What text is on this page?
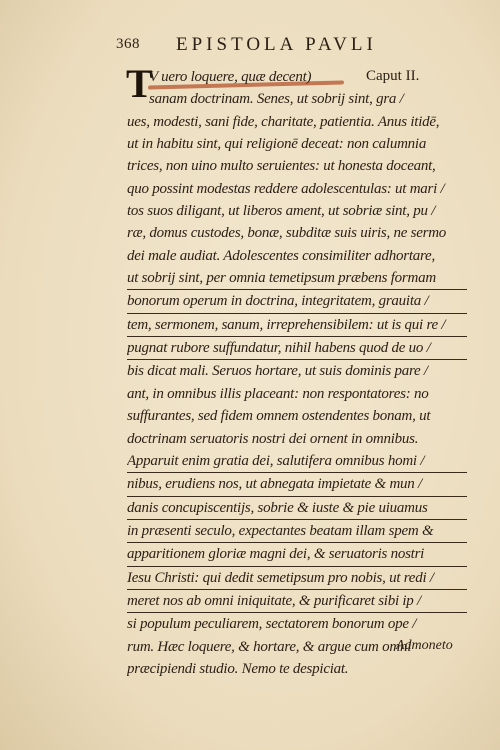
368 EPISTOLA PAVLI
Caput II.
T
V uero loquere, quæ decent)
sanam doctrinam. Senes, ut sobrij sint, gra /
ues, modesti, sani fide, charitate, patientia. Anus itidē,
ut in habitu sint, qui religionē deceat: non calumnia
trices, non uino multo seruientes: ut honesta doceant,
quo possint modestas reddere adolescentulas: ut mari /
tos suos diligant, ut liberos ament, ut sobriæ sint, pu /
ræ, domus custodes, bonæ, subditæ suis uiris, ne sermo
dei male audiat. Adolescentes consimiliter adhortare,
ut sobrij sint, per omnia temetipsum præbens formam
bonorum operum in doctrina, integritatem, grauita /
tem, sermonem, sanum, irreprehensibilem: ut is qui re /
pugnat rubore suffundatur, nihil habens quod de uo /
bis dicat mali. Seruos hortare, ut suis dominis pare /
ant, in omnibus illis placeant: non respontatores: no
suffurantes, sed fidem omnem ostendentes bonam, ut
doctrinam seruatoris nostri dei ornent in omnibus.
Apparuit enim gratia dei, salutifera omnibus homi /
nibus, erudiens nos, ut abnegata impietate & mun /
danis concupiscentijs, sobrie & iuste & pie uiuamus
in præsenti seculo, expectantes beatam illam spem &
apparitionem gloriæ magni dei, & seruatoris nostri
Iesu Christi: qui dedit semetipsum pro nobis, ut redi /
meret nos ab omni iniquitate, & purificaret sibi ip /
si populum peculiarem, sectatorem bonorum ope /
rum. Hæc loquere, & hortare, & argue cum omni
præcipiendi studio. Nemo te despiciat.
Admoneto
